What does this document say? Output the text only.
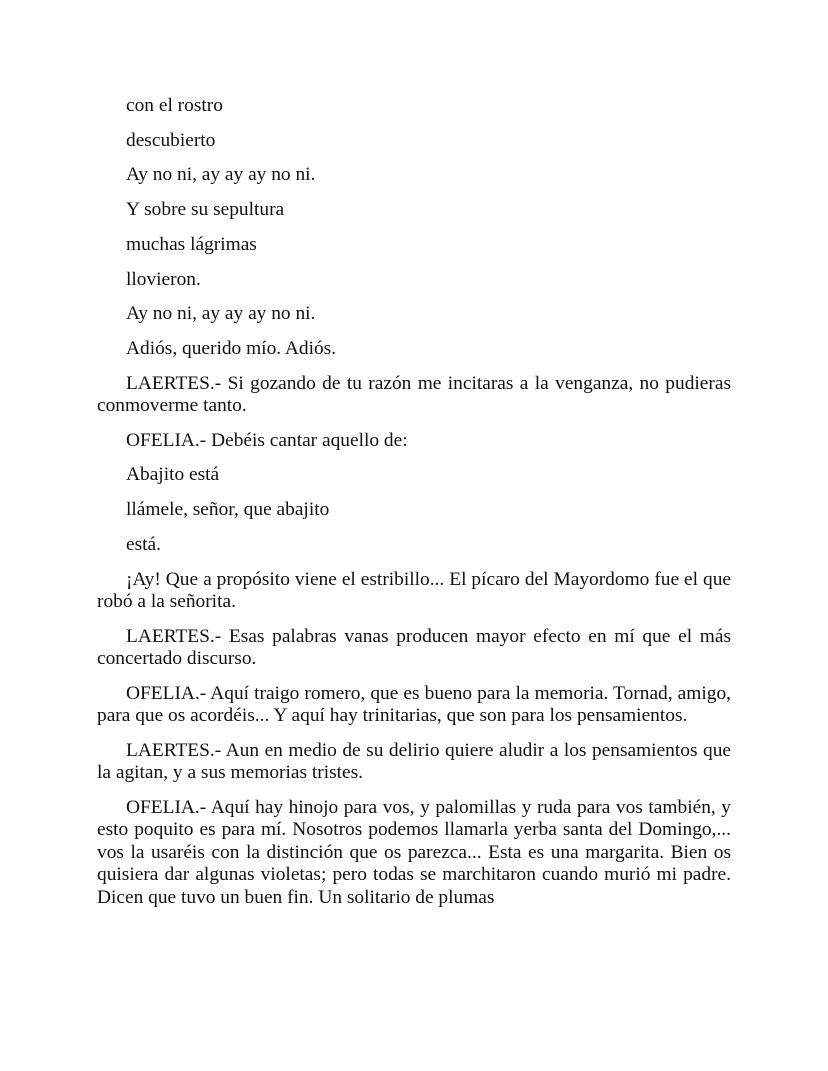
con el rostro

descubierto

Ay no ni, ay ay ay no ni.

Y sobre su sepultura

muchas lágrimas

llovieron.

Ay no ni, ay ay ay no ni.

Adiós, querido mío. Adiós.

LAERTES.- Si gozando de tu razón me incitaras a la venganza, no pudieras conmoverme tanto.

OFELIA.- Debéis cantar aquello de:

Abajito está

llámele, señor, que abajito

está.

¡Ay! Que a propósito viene el estribillo... El pícaro del Mayordomo fue el que robó a la señorita.

LAERTES.- Esas palabras vanas producen mayor efecto en mí que el más concertado discurso.

OFELIA.- Aquí traigo romero, que es bueno para la memoria. Tornad, amigo, para que os acordéis... Y aquí hay trinitarias, que son para los pensamientos.

LAERTES.- Aun en medio de su delirio quiere aludir a los pensamientos que la agitan, y a sus memorias tristes.

OFELIA.- Aquí hay hinojo para vos, y palomillas y ruda para vos también, y esto poquito es para mí. Nosotros podemos llamarla yerba santa del Domingo,... vos la usaréis con la distinción que os parezca... Esta es una margarita. Bien os quisiera dar algunas violetas; pero todas se marchitaron cuando murió mi padre. Dicen que tuvo un buen fin. Un solitario de plumas
